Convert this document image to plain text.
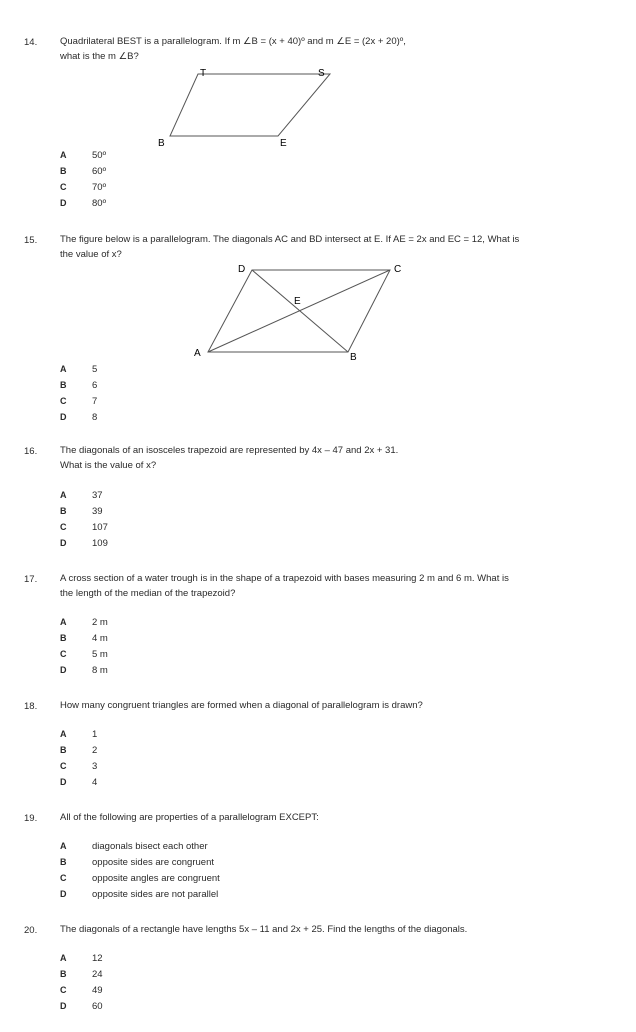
14. Quadrilateral BEST is a parallelogram. If m ∠B = (x + 40)º and m ∠E = (2x + 20)º,
what is the m ∠B?
T	S
B	E
A	50º
B	60º
C	70º
D	80º
15. The figure below is a parallelogram. The diagonals AC and BD intersect at E. If AE = 2x and EC = 12, What is
the value of x?
D	C
E
A	B
A	5
B	6
C	7
D	8
16. The diagonals of an isosceles trapezoid are represented by 4x – 47 and 2x + 31.
What is the value of x?
A	37
B	39
C	107
D	109
17. A cross section of a water trough is in the shape of a trapezoid with bases measuring 2 m and 6 m. What is
the length of the median of the trapezoid?
A	2 m
B	4 m
C	5 m
D	8 m
18. How many congruent triangles are formed when a diagonal of parallelogram is drawn?
A	1
B	2
C	3
D	4
19. All of the following are properties of a parallelogram EXCEPT:
A	diagonals bisect each other
B	opposite sides are congruent
C	opposite angles are congruent
D	opposite sides are not parallel
20. The diagonals of a rectangle have lengths 5x – 11 and 2x + 25. Find the lengths of the diagonals.
A	12
B	24
C	49
D	60
